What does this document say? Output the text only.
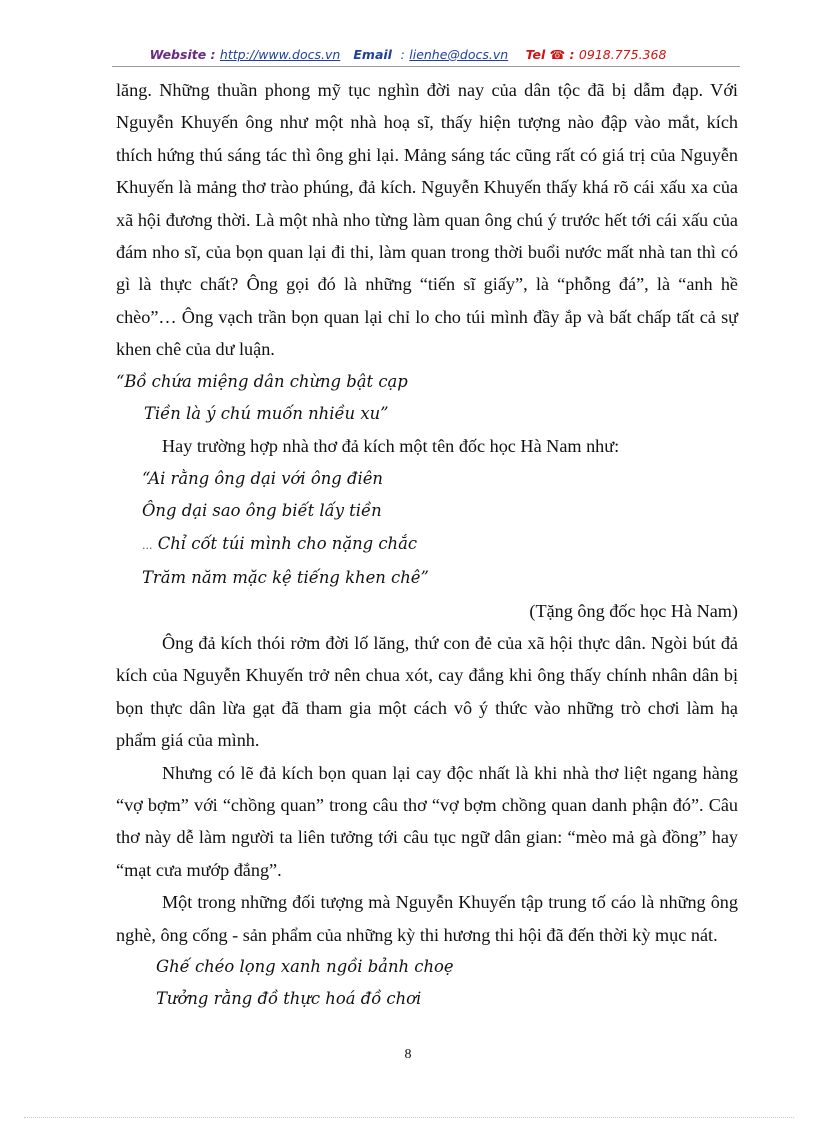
Website : http://www.docs.vn Email : lienhe@docs.vn Tel ☎ : 0918.775.368

lăng. Những thuần phong mỹ tục nghìn đời nay của dân tộc đã bị dẫm đạp. Với Nguyễn Khuyến ông như một nhà hoạ sĩ, thấy hiện tượng nào đập vào mắt, kích thích hứng thú sáng tác thì ông ghi lại. Mảng sáng tác cũng rất có giá trị của Nguyễn Khuyến là mảng thơ trào phúng, đả kích. Nguyễn Khuyến thấy khá rõ cái xấu xa của xã hội đương thời. Là một nhà nho từng làm quan ông chú ý trước hết tới cái xấu của đám nho sĩ, của bọn quan lại đi thi, làm quan trong thời buổi nước mất nhà tan thì có gì là thực chất? Ông gọi đó là những “tiến sĩ giấy”, là “phỗng đá”, là “anh hề chèo”… Ông vạch trần bọn quan lại chỉ lo cho túi mình đầy ắp và bất chấp tất cả sự khen chê của dư luận.

“Bồ chứa miệng dân chừng bật cạp

Tiền là ý chú muốn nhiều xu”

Hay trường hợp nhà thơ đả kích một tên đốc học Hà Nam như:

“Ai rằng ông dại với ông điên

Ông dại sao ông biết lấy tiền

... Chỉ cốt túi mình cho nặng chắc

Trăm năm mặc kệ tiếng khen chê”

(Tặng ông đốc học Hà Nam)

Ông đả kích thói rởm đời lố lăng, thứ con đẻ của xã hội thực dân. Ngòi bút đả kích của Nguyễn Khuyến trở nên chua xót, cay đắng khi ông thấy chính nhân dân bị bọn thực dân lừa gạt đã tham gia một cách vô ý thức vào những trò chơi làm hạ phẩm giá của mình.

Nhưng có lẽ đả kích bọn quan lại cay độc nhất là khi nhà thơ liệt ngang hàng “vợ bợm” với “chồng quan” trong câu thơ “vợ bợm chồng quan danh phận đó”. Câu thơ này dễ làm người ta liên tưởng tới câu tục ngữ dân gian: “mèo mả gà đồng” hay “mạt cưa mướp đắng”.

Một trong những đối tượng mà Nguyễn Khuyến tập trung tố cáo là những ông nghè, ông cống - sản phẩm của những kỳ thi hương thi hội đã đến thời kỳ mục nát.

Ghế chéo lọng xanh ngồi bảnh choẹ

Tưởng rằng đồ thực hoá đồ chơi

8
